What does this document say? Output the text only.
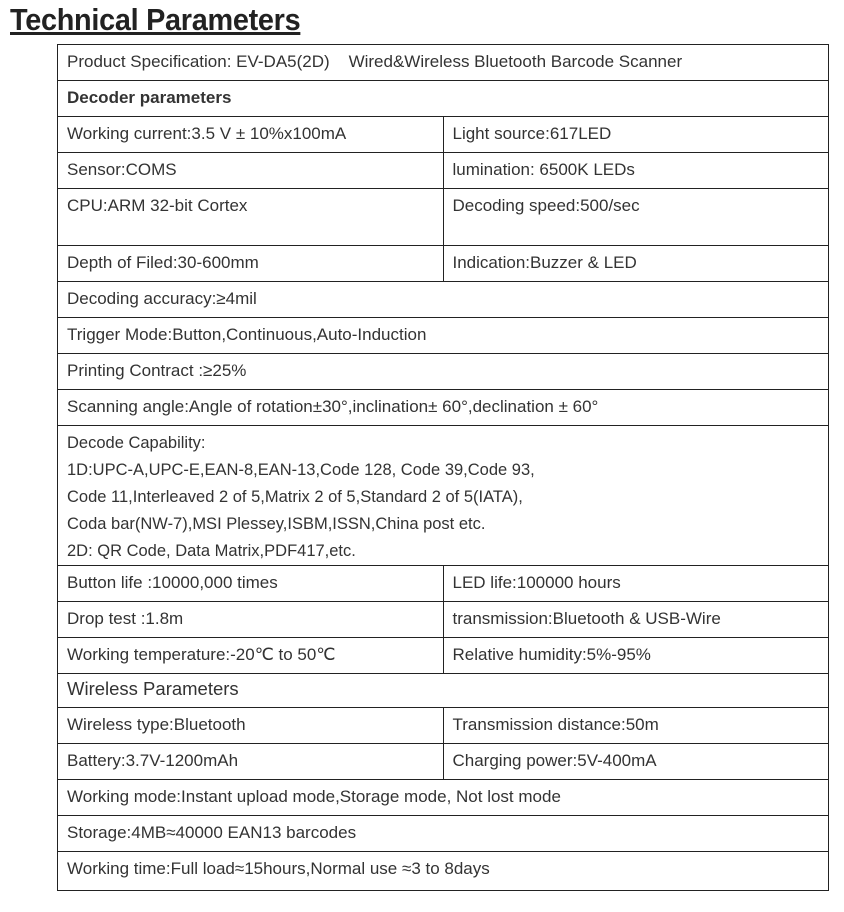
Technical Parameters
Product Specification: EV-DA5(2D)    Wired&Wireless Bluetooth Barcode Scanner	
Decoder parameters	
Working current:3.5 V ± 10%x100mA	Light source:617LED
Sensor:COMS	lumination: 6500K LEDs
CPU:ARM 32-bit Cortex	Decoding speed:500/sec
Depth of Filed:30-600mm	Indication:Buzzer & LED
Decoding accuracy:≥4mil	
Trigger Mode:Button,Continuous,Auto-Induction	
Printing Contract :≥25%	
Scanning angle:Angle of rotation±30°,inclination± 60°,declination ± 60°	

Decode Capability:
1D:UPC-A,UPC-E,EAN-8,EAN-13,Code 128, Code 39,Code 93,
Code 11,Interleaved 2 of 5,Matrix 2 of 5,Standard 2 of 5(IATA),
Coda bar(NW-7),MSI Plessey,ISBM,ISSN,China post etc.
2D: QR Code, Data Matrix,PDF417,etc.	

Button life :10000,000 times	LED life:100000 hours
Drop test :1.8m	transmission:Bluetooth & USB-Wire
Working temperature:-20℃ to 50℃	Relative humidity:5%-95%
Wireless Parameters	
Wireless type:Bluetooth	Transmission distance:50m
Battery:3.7V-1200mAh	Charging power:5V-400mA
Working mode:Instant upload mode,Storage mode, Not lost mode	
Storage:4MB≈40000 EAN13 barcodes	
Working time:Full load≈15hours,Normal use ≈3 to 8days	
